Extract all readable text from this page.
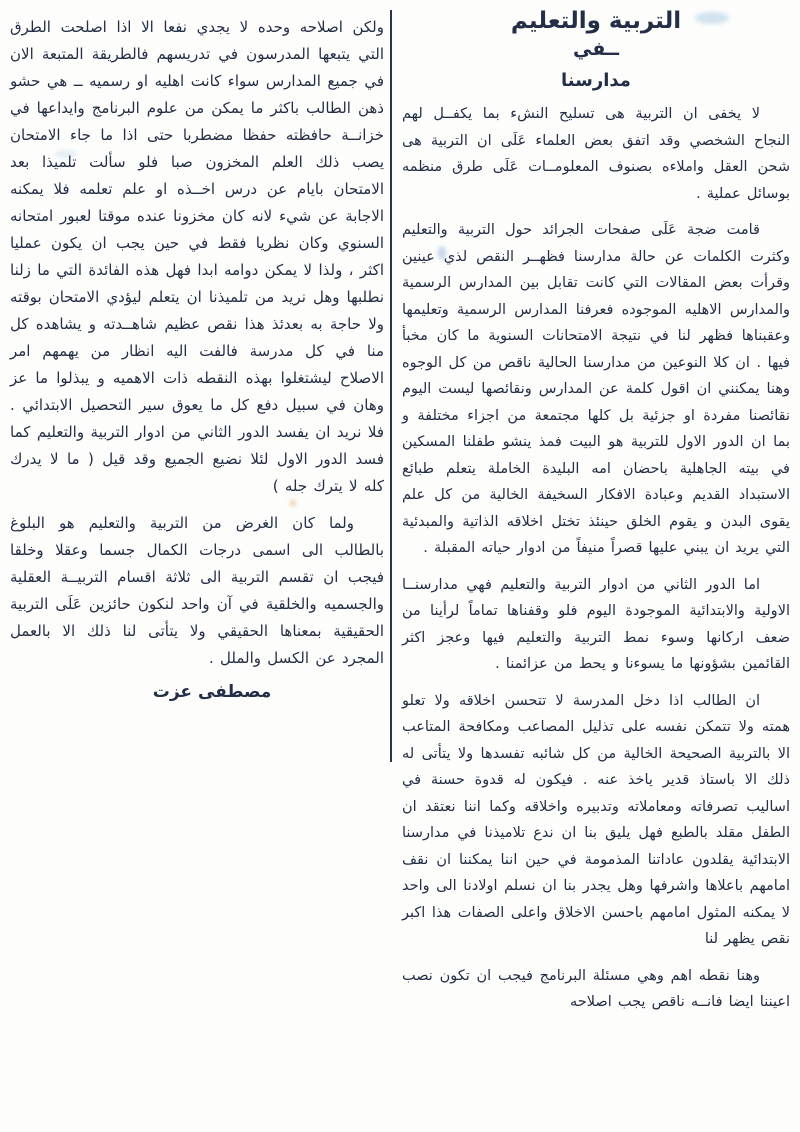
التربية والتعليم
ــفي
مدارسنا

لا يخفى ان التربية هى تسليح النشء بما يكفــل لهم النجاح الشخصي وقد اتفق بعض العلماء عَلَى ان التربية هى شحن العقل واملاءه بصنوف المعلومــات عَلَى طرق منظمه بوسائل عملية .

قامت ضجة عَلَى صفحات الجرائد حول التربية والتعليم وكثرت الكلمات عن حالة مدارسنا فظهــر النقص لذي عينين وقرأت بعض المقالات التي كانت تقابل بين المدارس الرسمية والمدارس الاهليه الموجوده فعرفنا المدارس الرسمية وتعليمها وعقبناها فظهر لنا في نتيجة الامتحانات السنوية ما كان مخبأ فيها . ان كلا النوعين من مدارسنا الحالية ناقص من كل الوجوه وهنا يمكنني ان اقول كلمة عن المدارس ونقائصها ليست اليوم نقائصنا مفردة او جزئية بل كلها مجتمعة من اجزاء مختلفة و بما ان الدور الاول للتربية هو البيت فمذ ينشو طفلنا المسكين في بيته الجاهلية باحضان امه البليدة الخاملة يتعلم طبائع الاستبداد القديم وعبادة الافكار السخيفة الخالية من كل علم يقوى البدن و يقوم الخلق حينئذ تختل اخلاقه الذاتية والمبدئية التي يريد ان يبني عليها قصراً منيفاً من ادوار حياته المقبلة .

اما الدور الثاني من ادوار التربية والتعليم فهي مدارسنــا الاولية والابتدائية الموجودة اليوم فلو وقفناها تماماً لرأينا من ضعف اركانها وسوء نمط التربية والتعليم فيها وعجز اكثر القائمين بشؤونها ما يسوءنا و يحط من عزائمنا .

ان الطالب اذا دخل المدرسة لا تتحسن اخلاقه ولا تعلو همته ولا تتمكن نفسه على تذليل المصاعب ومكافحة المتاعب الا بالتربية الصحيحة الخالية من كل شائبه تفسدها ولا يتأتى له ذلك الا باستاذ قدير ياخذ عنه . فيكون له قدوة حسنة في اساليب تصرفاته ومعاملاته وتدبيره واخلاقه وكما اننا نعتقد ان الطفل مقلد بالطبع فهل يليق بنا ان ندع تلاميذنا في مدارسنا الابتدائية يقلدون عاداتنا المذمومة في حين اننا يمكننا ان نقف امامهم باعلاها واشرفها وهل يجدر بنا ان نسلم اولادنا الى واحد لا يمكنه المثول امامهم باحسن الاخلاق واعلى الصفات هذا اكبر نقص يظهر لنا

وهنا نقطه اهم وهي مسئلة البرنامج فيجب ان تكون نصب اعيننا ايضا فانــه ناقص يجب اصلاحه

ولكن اصلاحه وحده لا يجدي نفعا الا اذا اصلحت الطرق التي يتبعها المدرسون في تدريسهم فالطريقة المتبعة الان في جميع المدارس سواء كانت اهليه او رسميه ــ هي حشو ذهن الطالب باكثر ما يمكن من علوم البرنامج وايداعها في خزانــة حافظته حفظا مضطربا حتى اذا ما جاء الامتحان يصب ذلك العلم المخزون صبا فلو سألت تلميذا بعد الامتحان بايام عن درس اخــذه او علم تعلمه فلا يمكنه الاجابة عن شيء لانه كان مخزونا عنده موقتا لعبور امتحانه السنوي وكان نظريا فقط في حين يجب ان يكون عمليا اكثر ، ولذا لا يمكن دوامه ابدا فهل هذه الفائدة التي ما زلنا نطلبها وهل نريد من تلميذنا ان يتعلم ليؤدي الامتحان بوقته ولا حاجة به بعدئذ هذا نقص عظيم شاهــدته و يشاهده كل منا في كل مدرسة فالفت اليه انظار من يهمهم امر الاصلاح ليشتغلوا بهذه النقطه ذات الاهميه و يبذلوا ما عز وهان في سبيل دفع كل ما يعوق سير التحصيل الابتدائي . فلا نريد ان يفسد الدور الثاني من ادوار التربية والتعليم كما فسد الدور الاول لئلا نضيع الجميع وقد قيل ( ما لا يدرك كله لا يترك جله )

ولما كان الغرض من التربية والتعليم هو البلوغ بالطالب الى اسمى درجات الكمال جسما وعقلا وخلقا فيجب ان تقسم التربية الى ثلاثة اقسام التربيــة العقلية والجسميه والخلقية في آن واحد لنكون حائزين عَلَى التربية الحقيقية بمعناها الحقيقي ولا يتأتى لنا ذلك الا بالعمل المجرد عن الكسل والملل .

مصطفى عزت
